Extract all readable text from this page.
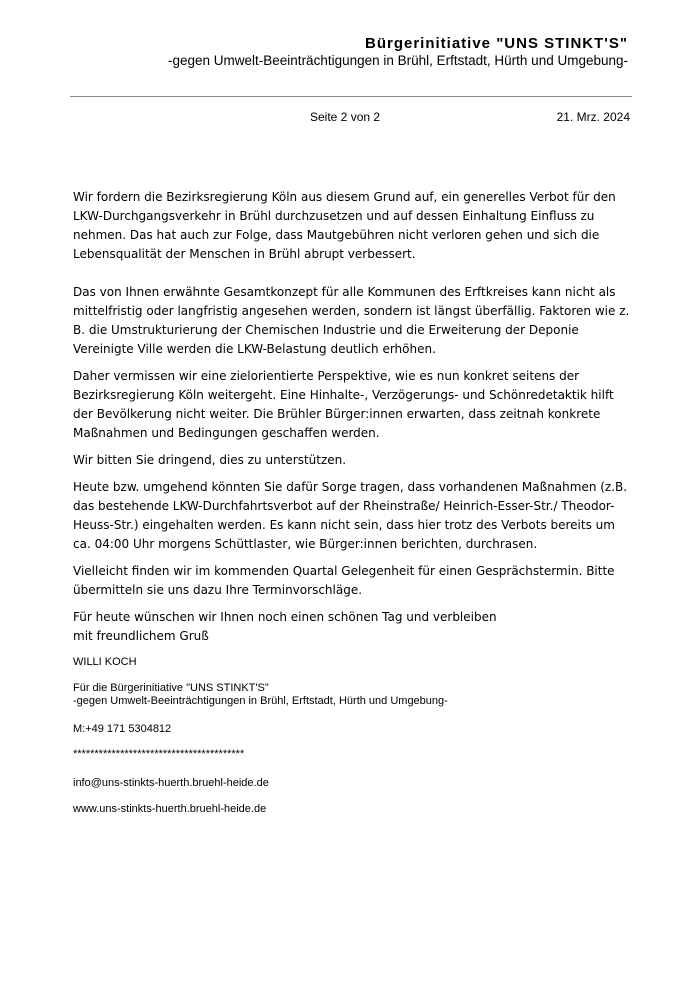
Bürgerinitiative "UNS STINKT'S"
-gegen Umwelt-Beeinträchtigungen in Brühl, Erftstadt, Hürth und Umgebung-
Seite 2 von 2	21. Mrz. 2024

Wir fordern die Bezirksregierung Köln aus diesem Grund auf, ein generelles Verbot für den LKW-Durchgangsverkehr in Brühl durchzusetzen und auf dessen Einhaltung Einfluss zu nehmen. Das hat auch zur Folge, dass Mautgebühren nicht verloren gehen und sich die Lebensqualität der Menschen in Brühl abrupt verbessert.

Das von Ihnen erwähnte Gesamtkonzept für alle Kommunen des Erftkreises kann nicht als mittelfristig oder langfristig angesehen werden, sondern ist längst überfällig. Faktoren wie z. B. die Umstrukturierung der Chemischen Industrie und die Erweiterung der Deponie Vereinigte Ville werden die LKW-Belastung deutlich erhöhen.

Daher vermissen wir eine zielorientierte Perspektive, wie es nun konkret seitens der Bezirksregierung Köln weitergeht. Eine Hinhalte-, Verzögerungs- und Schönredetaktik hilft der Bevölkerung nicht weiter. Die Brühler Bürger:innen erwarten, dass zeitnah konkrete Maßnahmen und Bedingungen geschaffen werden.

Wir bitten Sie dringend, dies zu unterstützen.

Heute bzw. umgehend könnten Sie dafür Sorge tragen, dass vorhandenen Maßnahmen (z.B. das bestehende LKW-Durchfahrtsverbot auf der Rheinstraße/ Heinrich-Esser-Str./ Theodor-Heuss-Str.) eingehalten werden. Es kann nicht sein, dass hier trotz des Verbots bereits um ca. 04:00 Uhr morgens Schüttlaster, wie Bürger:innen berichten, durchrasen.

Vielleicht finden wir im kommenden Quartal Gelegenheit für einen Gesprächstermin. Bitte übermitteln sie uns dazu Ihre Terminvorschläge.

Für heute wünschen wir Ihnen noch einen schönen Tag und verbleiben

mit freundlichem Gruß

WILLI KOCH
Für die Bürgerinitiative "UNS STINKT'S"
-gegen Umwelt-Beeinträchtigungen in Brühl, Erftstadt, Hürth und Umgebung-
M:+49 171 5304812
****************************************
info@uns-stinkts-huerth.bruehl-heide.de
www.uns-stinkts-huerth.bruehl-heide.de
